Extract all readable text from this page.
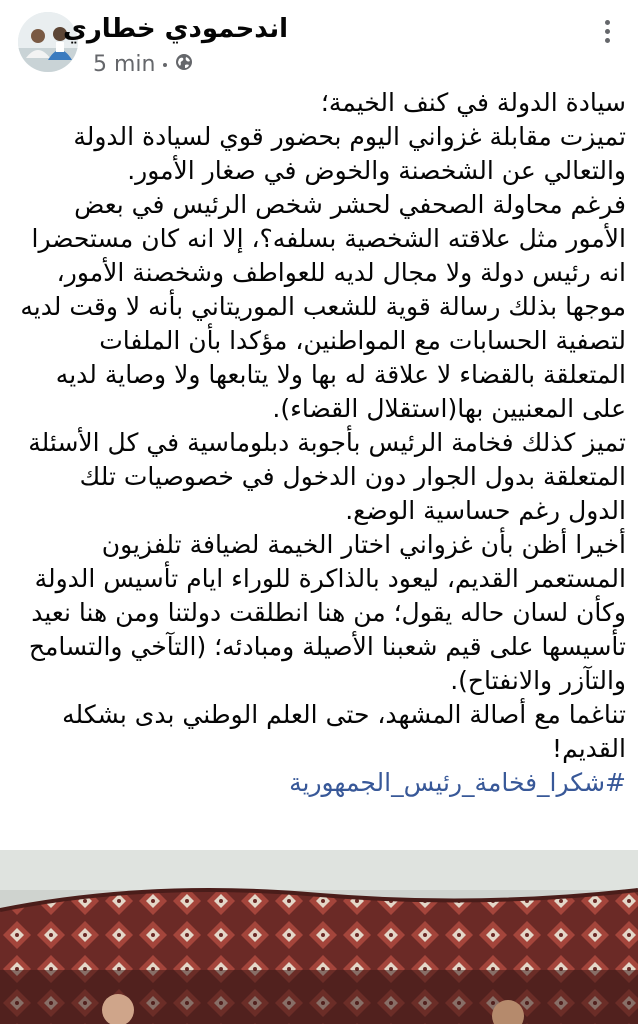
اندحمودي خطاري
5 min

سيادة الدولة في كنف الخيمة؛

تميزت مقابلة غزواني اليوم بحضور قوي لسيادة الدولة والتعالي عن الشخصنة والخوض في صغار الأمور.

فرغم محاولة الصحفي لحشر شخص الرئيس في بعض الأمور مثل علاقته الشخصية بسلفه؟، إلا انه كان مستحضرا انه رئيس دولة ولا مجال لديه للعواطف وشخصنة الأمور، موجها بذلك رسالة قوية للشعب الموريتاني بأنه لا وقت لديه لتصفية الحسابات مع المواطنين، مؤكدا بأن الملفات المتعلقة بالقضاء لا علاقة له بها ولا يتابعها ولا وصاية لديه على المعنيين بها(استقلال القضاء).

تميز كذلك فخامة الرئيس بأجوبة دبلوماسية في كل الأسئلة المتعلقة بدول الجوار دون الدخول في خصوصيات تلك الدول رغم حساسية الوضع.

أخيرا أظن بأن غزواني اختار الخيمة لضيافة تلفزيون المستعمر القديم، ليعود بالذاكرة للوراء ايام تأسيس الدولة وكأن لسان حاله يقول؛ من هنا انطلقت دولتنا ومن هنا نعيد تأسيسها على قيم شعبنا الأصيلة ومبادئه؛ (التآخي والتسامح والتآزر والانفتاح).

تناغما مع أصالة المشهد، حتى العلم الوطني بدى بشكله القديم!

#شكرا_فخامة_رئيس_الجمهورية
